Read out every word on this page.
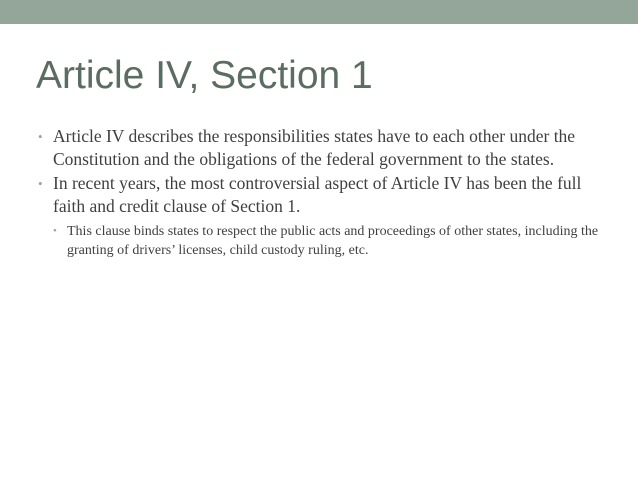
Article IV, Section 1
• Article IV describes the responsibilities states have to each other under the Constitution and the obligations of the federal government to the states.
• In recent years, the most controversial aspect of Article IV has been the full faith and credit clause of Section 1.
• This clause binds states to respect the public acts and proceedings of other states, including the granting of drivers’ licenses, child custody ruling, etc.
